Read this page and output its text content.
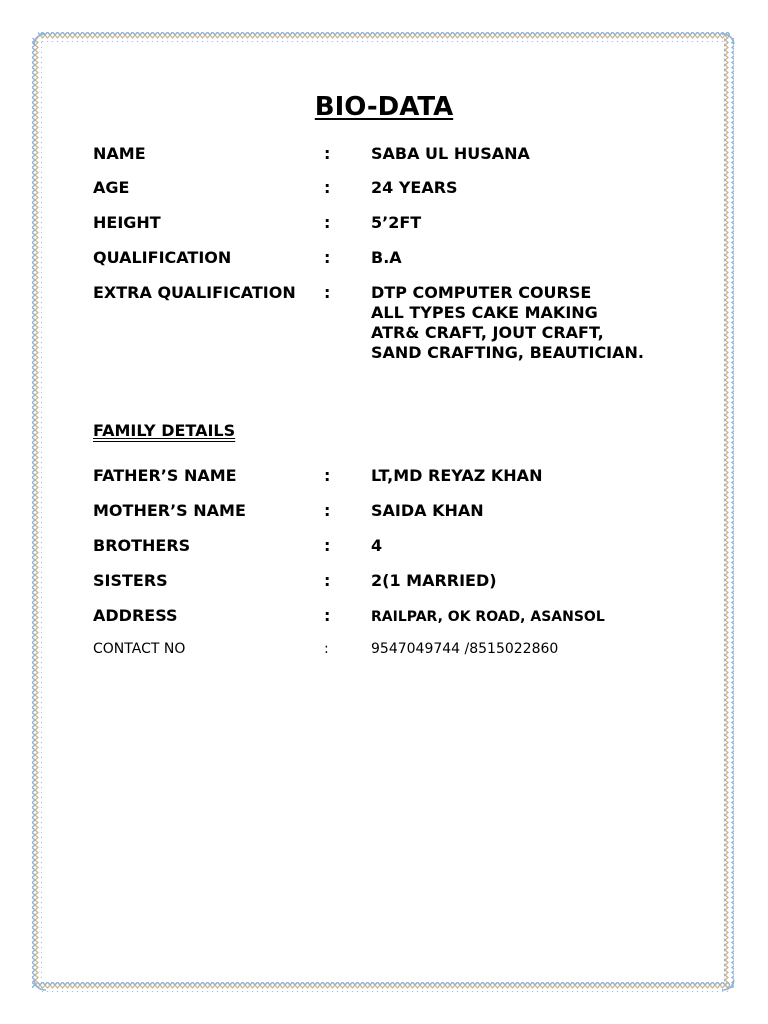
BIO-DATA
NAME	:	SABA UL HUSANA
AGE	:	24 YEARS
HEIGHT	:	5’2FT
QUALIFICATION	:	B.A
EXTRA QUALIFICATION :	DTP COMPUTER COURSE
ALL TYPES CAKE MAKING
ATR& CRAFT, JOUT CRAFT,
SAND CRAFTING, BEAUTICIAN.
FAMILY DETAILS
FATHER’S NAME	:	LT,MD REYAZ KHAN
MOTHER’S NAME	:	SAIDA KHAN
BROTHERS	:	4
SISTERS	:	2(1 MARRIED)
ADDRESS	:	RAILPAR, OK ROAD, ASANSOL
CONTACT NO	:	9547049744 /8515022860
